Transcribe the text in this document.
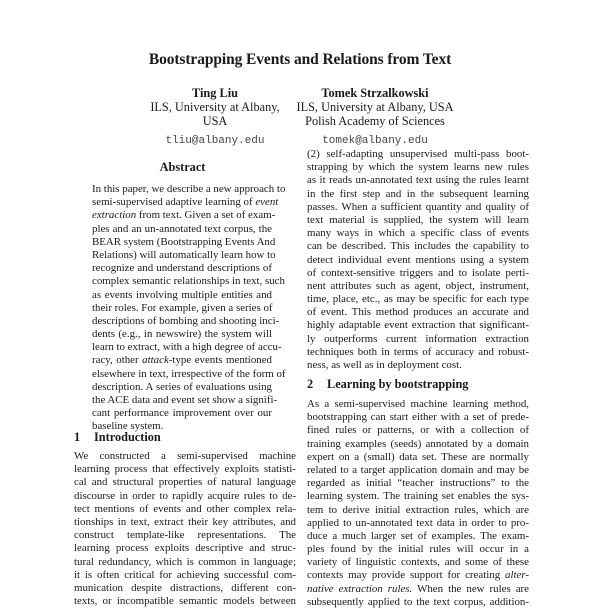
Bootstrapping Events and Relations from Text
Ting Liu
ILS, University at Albany,
USA
tliu@albany.edu
Tomek Strzalkowski
ILS, University at Albany, USA
Polish Academy of Sciences
tomek@albany.edu
Abstract
In this paper, we describe a new approach to
semi-supervised adaptive learning of event
extraction from text. Given a set of exam-
ples and an un-annotated text corpus, the
BEAR system (Bootstrapping Events And
Relations) will automatically learn how to
recognize and understand descriptions of
complex semantic relationships in text, such
as events involving multiple entities and
their roles. For example, given a series of
descriptions of bombing and shooting inci-
dents (e.g., in newswire) the system will
learn to extract, with a high degree of accu-
racy, other attack-type events mentioned
elsewhere in text, irrespective of the form of
description. A series of evaluations using
the ACE data and event set show a signifi-
cant performance improvement over our
baseline system.
1 Introduction
We constructed a semi-supervised machine
learning process that effectively exploits statisti-
cal and structural properties of natural language
discourse in order to rapidly acquire rules to de-
tect mentions of events and other complex rela-
tionships in text, extract their key attributes, and
construct template-like representations. The
learning process exploits descriptive and struc-
tural redundancy, which is common in language;
it is often critical for achieving successful com-
munication despite distractions, different con-
texts, or incompatible semantic models between
(2) self-adapting unsupervised multi-pass boot-
strapping by which the system learns new rules
as it reads un-annotated text using the rules learnt
in the first step and in the subsequent learning
passes. When a sufficient quantity and quality of
text material is supplied, the system will learn
many ways in which a specific class of events
can be described. This includes the capability to
detect individual event mentions using a system
of context-sensitive triggers and to isolate perti-
nent attributes such as agent, object, instrument,
time, place, etc., as may be specific for each type
of event. This method produces an accurate and
highly adaptable event extraction that significant-
ly outperforms current information extraction
techniques both in terms of accuracy and robust-
ness, as well as in deployment cost.
2 Learning by bootstrapping
As a semi-supervised machine learning method,
bootstrapping can start either with a set of prede-
fined rules or patterns, or with a collection of
training examples (seeds) annotated by a domain
expert on a (small) data set. These are normally
related to a target application domain and may be
regarded as initial “teacher instructions” to the
learning system. The training set enables the sys-
tem to derive initial extraction rules, which are
applied to un-annotated text data in order to pro-
duce a much larger set of examples. The exam-
ples found by the initial rules will occur in a
variety of linguistic contexts, and some of these
contexts may provide support for creating alter-
native extraction rules. When the new rules are
subsequently applied to the text corpus, addition-
